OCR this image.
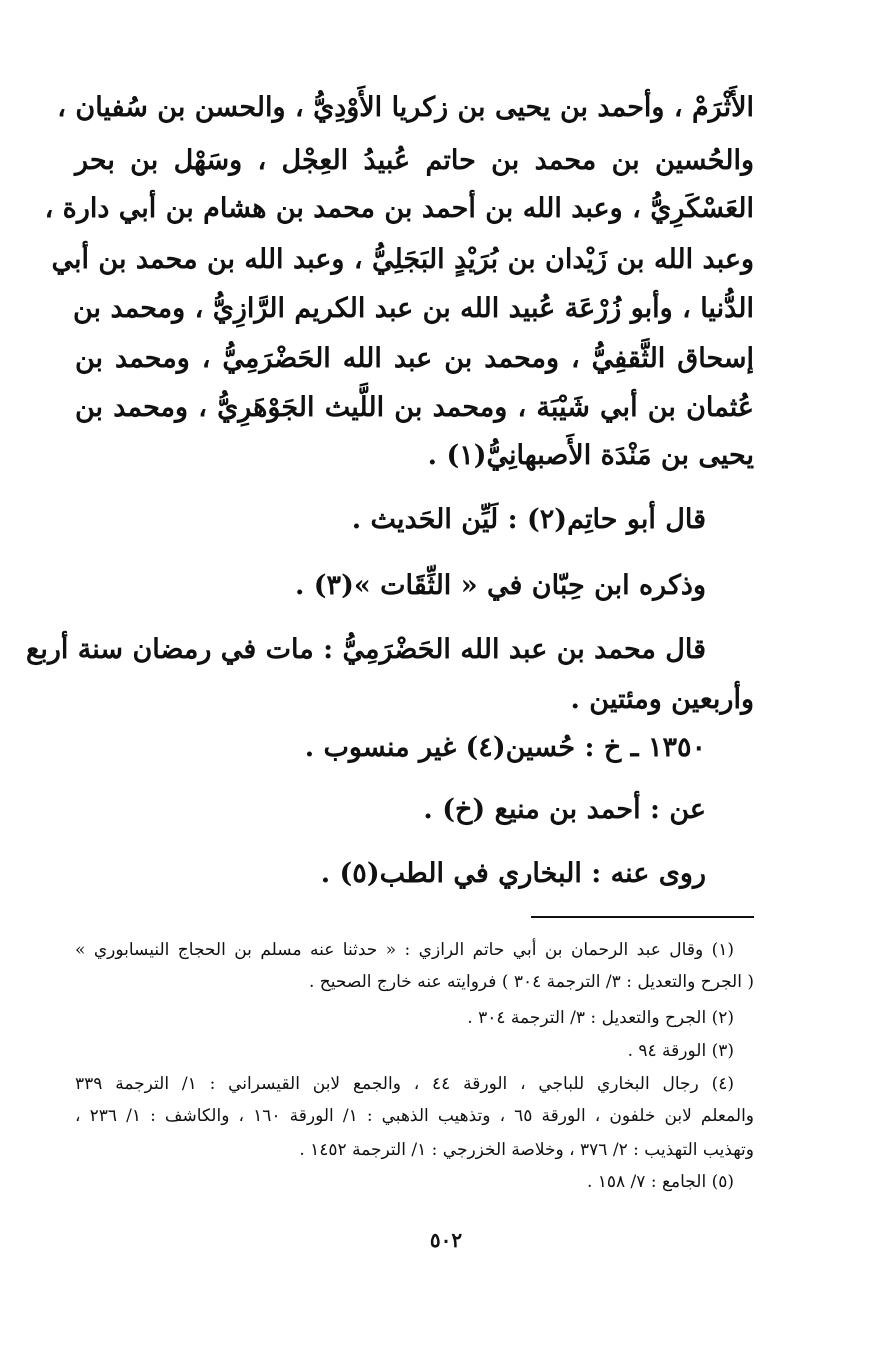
الأَثْرَمْ ، وأحمد بن يحيى بن زكريا الأَوْدِيُّ ، والحسن بن سُفيان ،
والحُسين بن محمد بن حاتم عُبيدُ العِجْل ، وسَهْل بن بحر
العَسْكَرِيُّ ، وعبد الله بن أحمد بن محمد بن هشام بن أبي دارة ،
وعبد الله بن زَيْدان بن بُرَيْدٍ البَجَلِيُّ ، وعبد الله بن محمد بن أبي
الدُّنيا ، وأبو زُرْعَة عُبيد الله بن عبد الكريم الرَّازِيُّ ، ومحمد بن
إسحاق الثَّقفِيُّ ، ومحمد بن عبد الله الحَضْرَمِيُّ ، ومحمد بن
عُثمان بن أبي شَيْبَة ، ومحمد بن اللَّيث الجَوْهَرِيُّ ، ومحمد بن
يحيى بن مَنْدَة الأَصبهانِيُّ(١) .
قال أبو حاتِم(٢) : لَيِّن الحَديث .
وذكره ابن حِبّان في « الثِّقَات »(٣) .
قال محمد بن عبد الله الحَضْرَمِيُّ : مات في رمضان سنة أربع
وأربعين ومئتين .
١٣٥٠ ـ خ : حُسين(٤) غير منسوب .
عن : أحمد بن منيع (خ) .
روى عنه : البخاري في الطب(٥) .
(١) وقال عبد الرحمان بن أبي حاتم الرازي : « حدثنا عنه مسلم بن الحجاج النيسابوري »
( الجرح والتعديل : ٣/ الترجمة ٣٠٤ ) فروايته عنه خارج الصحيح .
(٢) الجرح والتعديل : ٣/ الترجمة ٣٠٤ .
(٣) الورقة ٩٤ .
(٤) رجال البخاري للباجي ، الورقة ٤٤ ، والجمع لابن القيسراني : ١/ الترجمة ٣٣٩
والمعلم لابن خلفون ، الورقة ٦٥ ، وتذهيب الذهبي : ١/ الورقة ١٦٠ ، والكاشف : ١/ ٢٣٦ ،
وتهذيب التهذيب : ٢/ ٣٧٦ ، وخلاصة الخزرجي : ١/ الترجمة ١٤٥٢ .
(٥) الجامع : ٧/ ١٥٨ .
٥٠٢
